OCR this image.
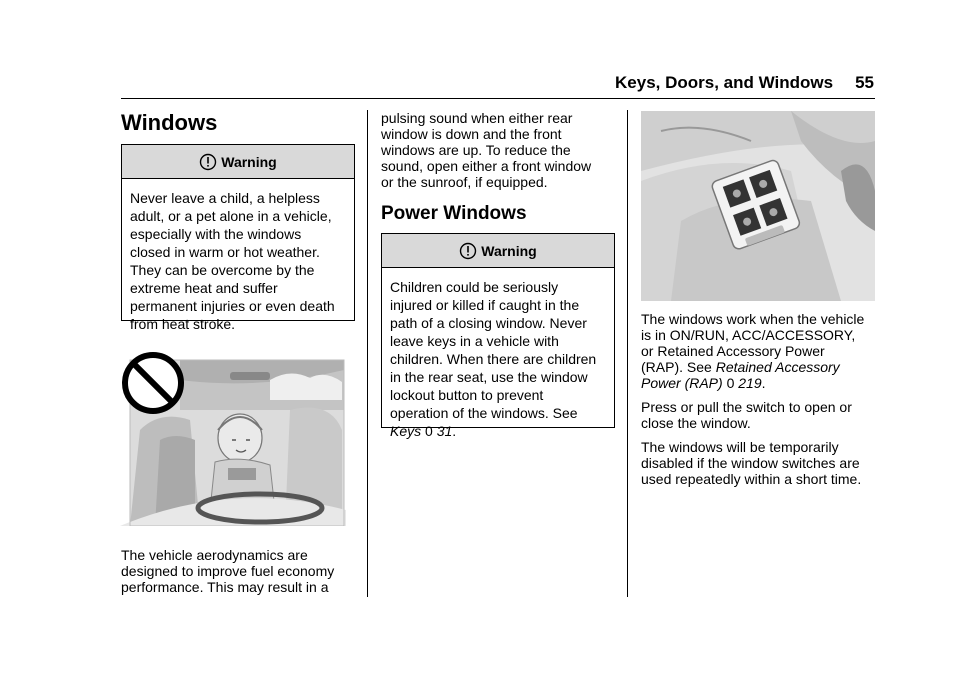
Keys, Doors, and Windows 55
Windows
Warning
Never leave a child, a helpless
adult, or a pet alone in a vehicle,
especially with the windows
closed in warm or hot weather.
They can be overcome by the
extreme heat and suffer
permanent injuries or even death
from heat stroke.
The vehicle aerodynamics are
designed to improve fuel economy
performance. This may result in a
pulsing sound when either rear
window is down and the front
windows are up. To reduce the
sound, open either a front window
or the sunroof, if equipped.
Power Windows
Warning
Children could be seriously
injured or killed if caught in the
path of a closing window. Never
leave keys in a vehicle with
children. When there are children
in the rear seat, use the window
lockout button to prevent
operation of the windows. See
Keys 0 31.

The windows work when the vehicle
is in ON/RUN, ACC/ACCESSORY,
or Retained Accessory Power
(RAP). See Retained Accessory
Power (RAP) 0 219.

Press or pull the switch to open or
close the window.

The windows will be temporarily
disabled if the window switches are
used repeatedly within a short time.
